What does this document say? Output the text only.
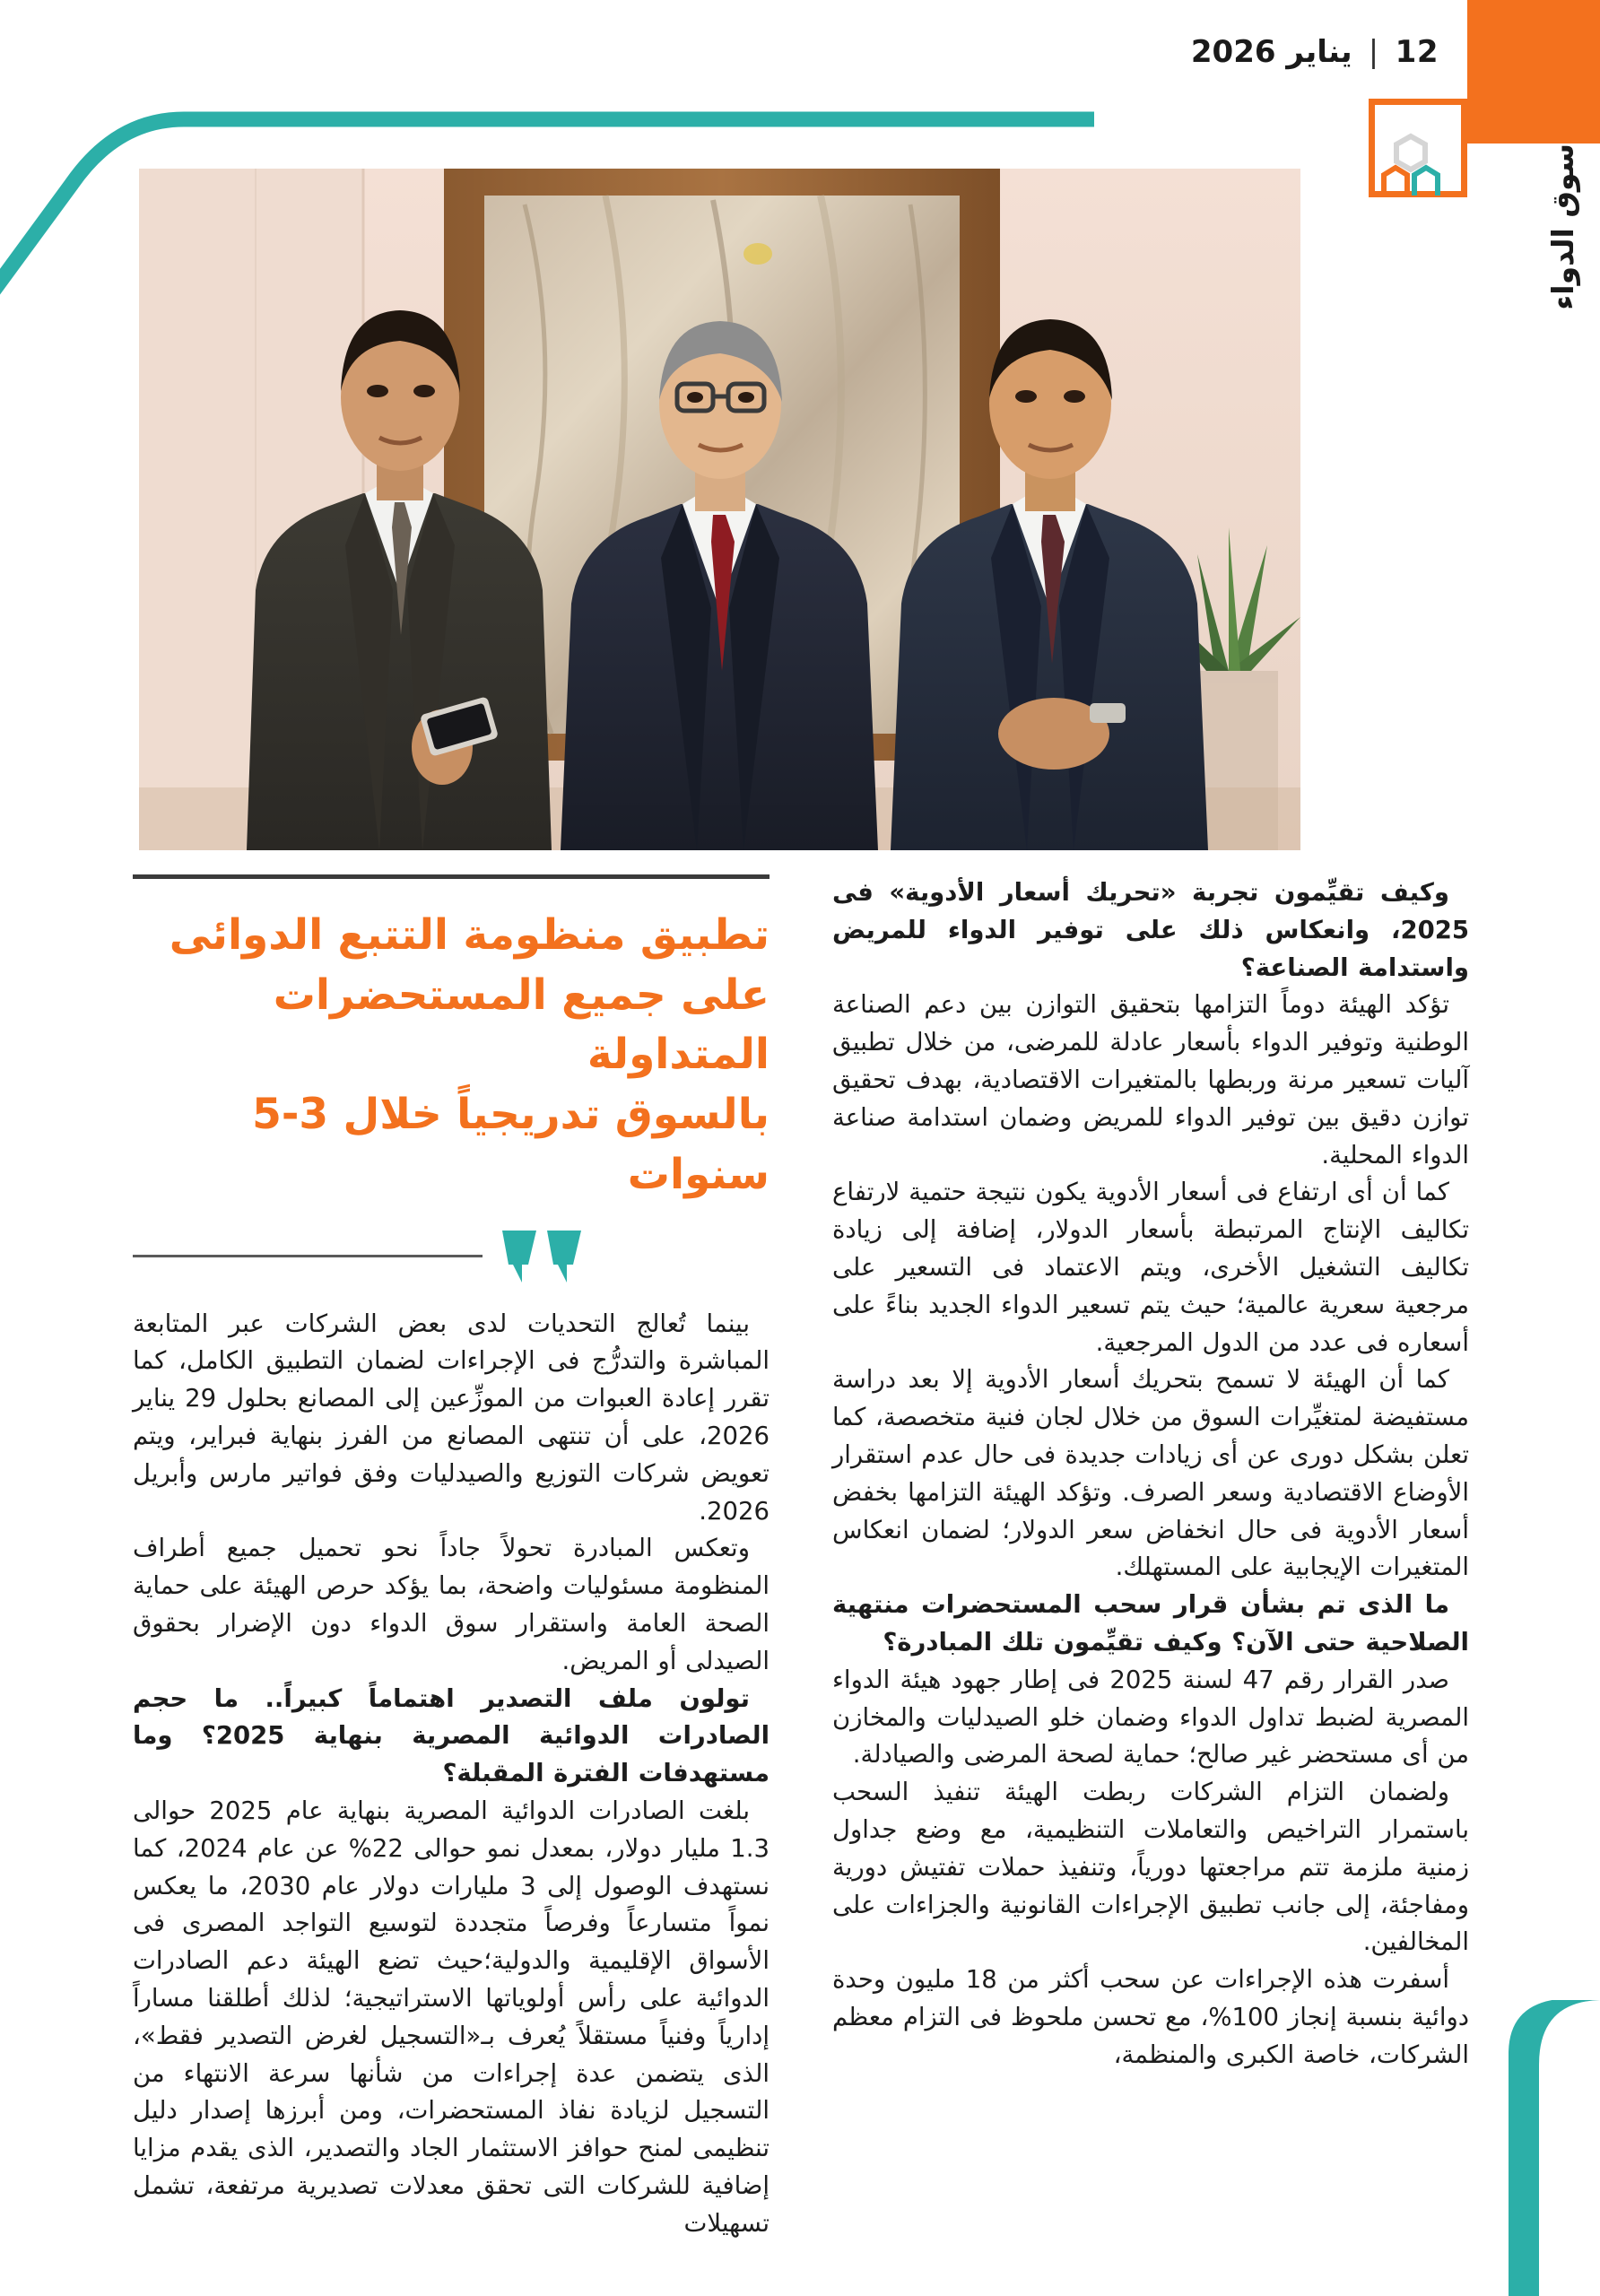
12
|
يناير 2026
سوق الدواء

وكيف تقيِّمون تجربة «تحريك أسعار الأدوية» فى 2025، وانعكاس ذلك على توفير الدواء للمريض واستدامة الصناعة؟

تؤكد الهيئة دوماً التزامها بتحقيق التوازن بين دعم الصناعة الوطنية وتوفير الدواء بأسعار عادلة للمرضى، من خلال تطبيق آليات تسعير مرنة وربطها بالمتغيرات الاقتصادية، بهدف تحقيق توازن دقيق بين توفير الدواء للمريض وضمان استدامة صناعة الدواء المحلية.

كما أن أى ارتفاع فى أسعار الأدوية يكون نتيجة حتمية لارتفاع تكاليف الإنتاج المرتبطة بأسعار الدولار، إضافة إلى زيادة تكاليف التشغيل الأخرى، ويتم الاعتماد فى التسعير على مرجعية سعرية عالمية؛ حيث يتم تسعير الدواء الجديد بناءً على أسعاره فى عدد من الدول المرجعية.

كما أن الهيئة لا تسمح بتحريك أسعار الأدوية إلا بعد دراسة مستفيضة لمتغيِّرات السوق من خلال لجان فنية متخصصة، كما تعلن بشكل دورى عن أى زيادات جديدة فى حال عدم استقرار الأوضاع الاقتصادية وسعر الصرف. وتؤكد الهيئة التزامها بخفض أسعار الأدوية فى حال انخفاض سعر الدولار؛ لضمان انعكاس المتغيرات الإيجابية على المستهلك.

ما الذى تم بشأن قرار سحب المستحضرات منتهية الصلاحية حتى الآن؟ وكيف تقيِّمون تلك المبادرة؟

صدر القرار رقم 47 لسنة 2025 فى إطار جهود هيئة الدواء المصرية لضبط تداول الدواء وضمان خلو الصيدليات والمخازن من أى مستحضر غير صالح؛ حماية لصحة المرضى والصيادلة.

ولضمان التزام الشركات ربطت الهيئة تنفيذ السحب باستمرار التراخيص والتعاملات التنظيمية، مع وضع جداول زمنية ملزمة تتم مراجعتها دورياً، وتنفيذ حملات تفتيش دورية ومفاجئة، إلى جانب تطبيق الإجراءات القانونية والجزاءات على المخالفين.

أسفرت هذه الإجراءات عن سحب أكثر من 18 مليون وحدة دوائية بنسبة إنجاز 100%، مع تحسن ملحوظ فى التزام معظم الشركات، خاصة الكبرى والمنظمة،

تطبيق منظومة التتبع الدوائى
على جميع المستحضرات المتداولة
بالسوق تدريجياً خلال 3-5 سنوات

بينما تُعالج التحديات لدى بعض الشركات عبر المتابعة المباشرة والتدرُّج فى الإجراءات لضمان التطبيق الكامل، كما تقرر إعادة العبوات من الموزِّعين إلى المصانع بحلول 29 يناير 2026، على أن تنتهى المصانع من الفرز بنهاية فبراير، ويتم تعويض شركات التوزيع والصيدليات وفق فواتير مارس وأبريل 2026.

وتعكس المبادرة تحولاً جاداً نحو تحميل جميع أطراف المنظومة مسئوليات واضحة، بما يؤكد حرص الهيئة على حماية الصحة العامة واستقرار سوق الدواء دون الإضرار بحقوق الصيدلى أو المريض.

تولون ملف التصدير اهتماماً كبيراً.. ما حجم الصادرات الدوائية المصرية بنهاية 2025؟ وما مستهدفات الفترة المقبلة؟

بلغت الصادرات الدوائية المصرية بنهاية عام 2025 حوالى 1.3 مليار دولار، بمعدل نمو حوالى 22% عن عام 2024، كما نستهدف الوصول إلى 3 مليارات دولار عام 2030، ما يعكس نمواً متسارعاً وفرصاً متجددة لتوسيع التواجد المصرى فى الأسواق الإقليمية والدولية؛حيث تضع الهيئة دعم الصادرات الدوائية على رأس أولوياتها الاستراتيجية؛ لذلك أطلقنا مساراً إدارياً وفنياً مستقلاً يُعرف بـ«التسجيل لغرض التصدير فقط»، الذى يتضمن عدة إجراءات من شأنها سرعة الانتهاء من التسجيل لزيادة نفاذ المستحضرات، ومن أبرزها إصدار دليل تنظيمى لمنح حوافز الاستثمار الجاد والتصدير، الذى يقدم مزايا إضافية للشركات التى تحقق معدلات تصديرية مرتفعة، تشمل تسهيلات
